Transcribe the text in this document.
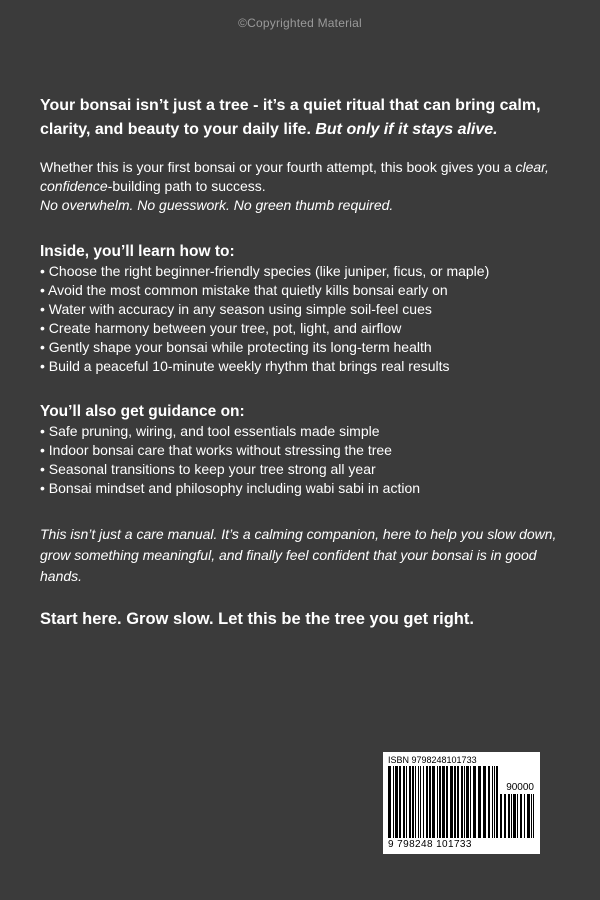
©Copyrighted Material

Your bonsai isn’t just a tree - it’s a quiet ritual that can bring calm, clarity, and beauty to your daily life. But only if it stays alive.

Whether this is your first bonsai or your fourth attempt, this book gives you a clear, confidence-building path to success.
No overwhelm. No guesswork. No green thumb required.

Inside, you’ll learn how to:

• Choose the right beginner-friendly species (like juniper, ficus, or maple)
• Avoid the most common mistake that quietly kills bonsai early on
• Water with accuracy in any season using simple soil-feel cues
• Create harmony between your tree, pot, light, and airflow
• Gently shape your bonsai while protecting its long-term health
• Build a peaceful 10-minute weekly rhythm that brings real results

You’ll also get guidance on:

• Safe pruning, wiring, and tool essentials made simple
• Indoor bonsai care that works without stressing the tree
• Seasonal transitions to keep your tree strong all year
• Bonsai mindset and philosophy including wabi sabi in action

This isn’t just a care manual. It’s a calming companion, here to help you slow down, grow something meaningful, and finally feel confident that your bonsai is in good hands.

Start here. Grow slow. Let this be the tree you get right.

ISBN 9798248101733
90000
9 798248 101733
